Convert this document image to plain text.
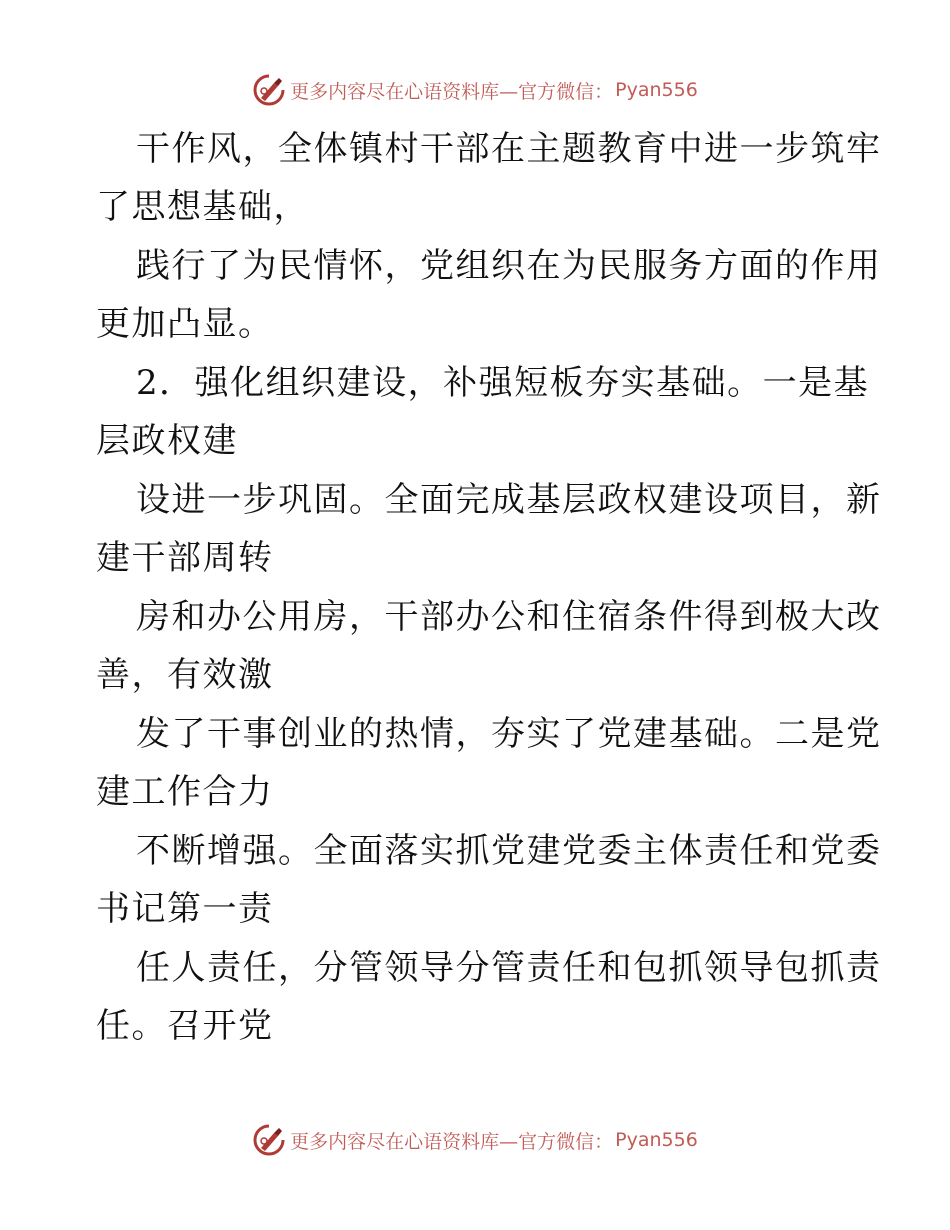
更多内容尽在心语资料库—官方微信： Pyan556
干作风，全体镇村干部在主题教育中进一步筑牢
了思想基础，
践行了为民情怀，党组织在为民服务方面的作用
更加凸显。
2．强化组织建设，补强短板夯实基础。一是基
层政权建
设进一步巩固。全面完成基层政权建设项目，新
建干部周转
房和办公用房，干部办公和住宿条件得到极大改
善，有效激
发了干事创业的热情，夯实了党建基础。二是党
建工作合力
不断增强。全面落实抓党建党委主体责任和党委
书记第一责
任人责任，分管领导分管责任和包抓领导包抓责
任。召开党
更多内容尽在心语资料库—官方微信： Pyan556
